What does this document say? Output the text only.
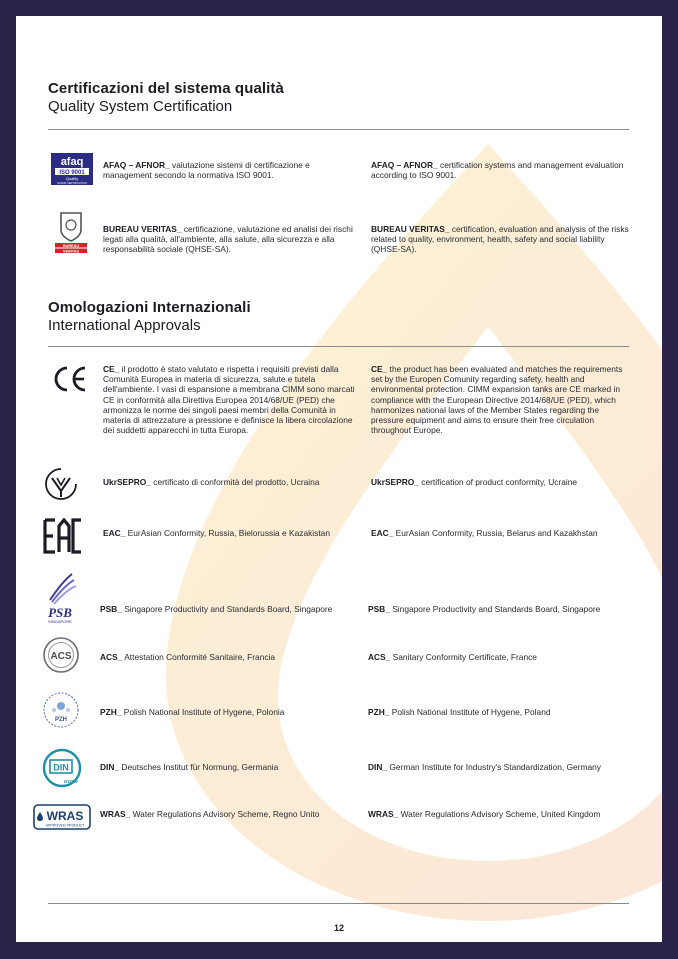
Certificazioni del sistema qualità
Quality System Certification
afaq
ISO 9001
Quality
AFNOR CERTIFICATION
AFAQ – AFNOR_ valutazione sistemi di certificazione e management secondo la normativa ISO 9001.
AFAQ – AFNOR_ certification systems and management evaluation according to ISO 9001.
BUREAU
VERITAS
BUREAU VERITAS_ certificazione, valutazione ed analisi dei rischi legati alla qualità, all'ambiente, alla salute, alla sicurezza e alla responsabilità sociale (QHSE-SA).
BUREAU VERITAS_ certification, evaluation and analysis of the risks related to quality, environment, health, safety and social liability (QHSE-SA).
Omologazioni Internazionali
International Approvals
CE_ il prodotto è stato valutato e rispetta i requisiti previsti dalla Comunità Europea in materia di sicurezza, salute e tutela dell'ambiente. I vasi di espansione a membrana CIMM sono marcati CE in conformità alla Direttiva Europea 2014/68/UE (PED) che armonizza le norme dei singoli paesi membri della Comunità in materia di attrezzature a pressione e definisce la libera circolazione dei suddetti apparecchi in tutta Europa.
CE_ the product has been evaluated and matches the requirements set by the Europen Comunity regarding safety, health and environmental protection. CIMM expansion tanks are CE marked in compliance with the European Directive 2014/68/UE (PED), which harmonizes national laws of the Member States regarding the pressure equipment and aims to ensure their free circulation throughout Europe.
UkrSEPRO_ certificato di conformità del prodotto, Ucraina	UkrSEPRO_ certification of product conformity, Ucraine
EAC_ EurAsian Conformity, Russia, Bielorussia e Kazakistan	EAC_ EurAsian Conformity, Russia, Belarus and Kazakhstan
PSB
SINGAPORE
PSB_ Singapore Productivity and Standards Board, Singapore	PSB_ Singapore Productivity and Standards Board, Singapore
ACS	ACS_ Attestation Conformité Sanitaire, Francia	ACS_ Sanitary Conformity Certificate, France
PZH
PZH_ Polish National Institute of Hygene, Polonia	PZH_ Polish National Institute of Hygene, Poland
DIN
DVGW
DIN_ Deutsches Institut für Normung, Germania	DIN_ German Institute for Industry's Standardization, Germany
WRAS
APPROVED PRODUCT
WRAS_ Water Regulations Advisory Scheme, Regno Unito	WRAS_ Water Regulations Advisory Scheme, United Kingdom
12
